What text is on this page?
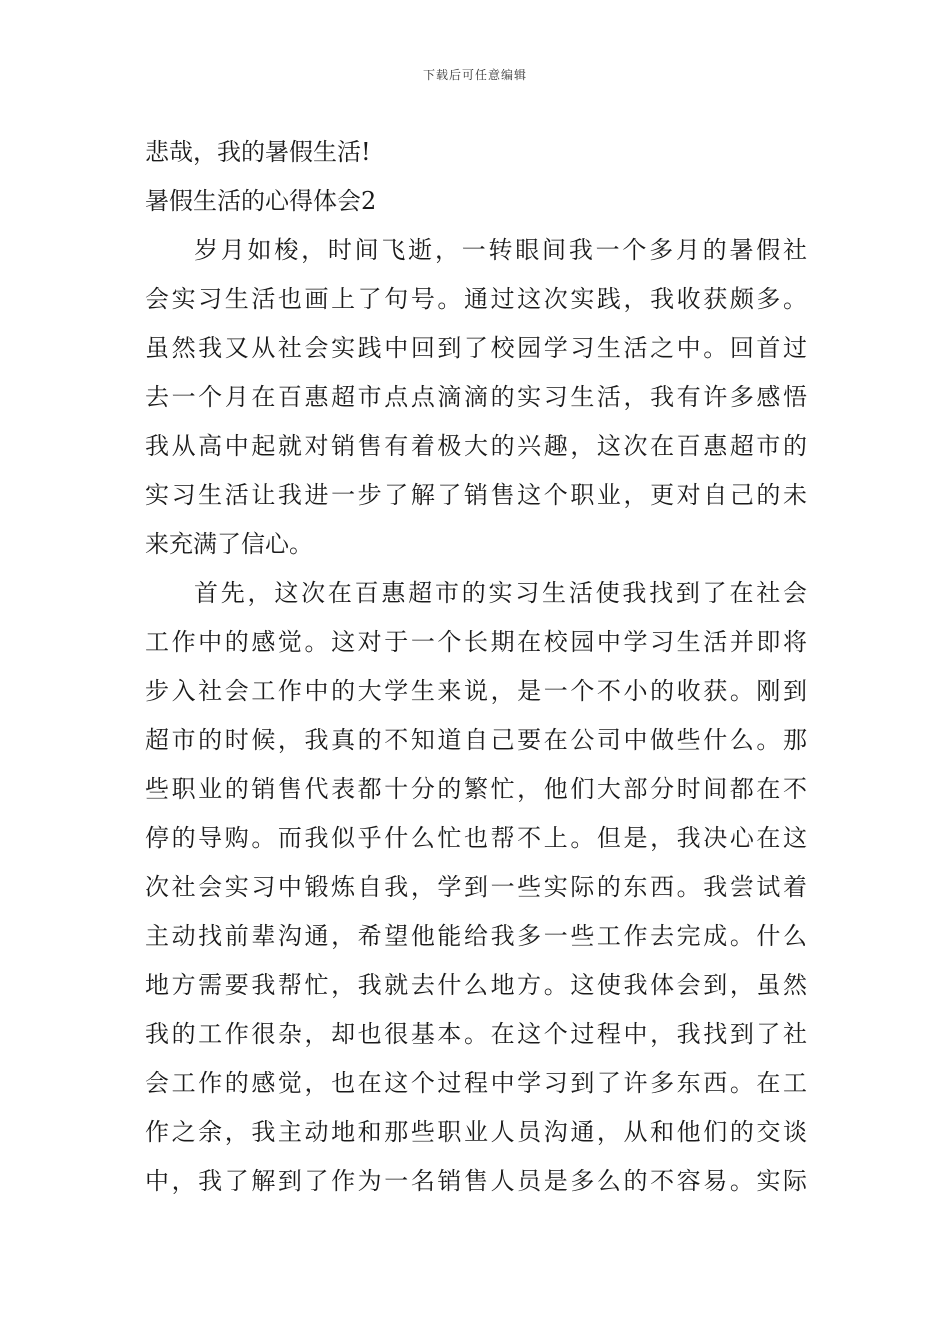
下载后可任意编辑
悲哉，我的暑假生活!
暑假生活的心得体会2
岁月如梭，时间飞逝，一转眼间我一个多月的暑假社
会实习生活也画上了句号。通过这次实践，我收获颇多。
虽然我又从社会实践中回到了校园学习生活之中。回首过
去一个月在百惠超市点点滴滴的实习生活，我有许多感悟
我从高中起就对销售有着极大的兴趣，这次在百惠超市的
实习生活让我进一步了解了销售这个职业，更对自己的未
来充满了信心。
首先，这次在百惠超市的实习生活使我找到了在社会
工作中的感觉。这对于一个长期在校园中学习生活并即将
步入社会工作中的大学生来说，是一个不小的收获。刚到
超市的时候，我真的不知道自己要在公司中做些什么。那
些职业的销售代表都十分的繁忙，他们大部分时间都在不
停的导购。而我似乎什么忙也帮不上。但是，我决心在这
次社会实习中锻炼自我，学到一些实际的东西。我尝试着
主动找前辈沟通，希望他能给我多一些工作去完成。什么
地方需要我帮忙，我就去什么地方。这使我体会到，虽然
我的工作很杂，却也很基本。在这个过程中，我找到了社
会工作的感觉，也在这个过程中学习到了许多东西。在工
作之余，我主动地和那些职业人员沟通，从和他们的交谈
中，我了解到了作为一名销售人员是多么的不容易。实际
